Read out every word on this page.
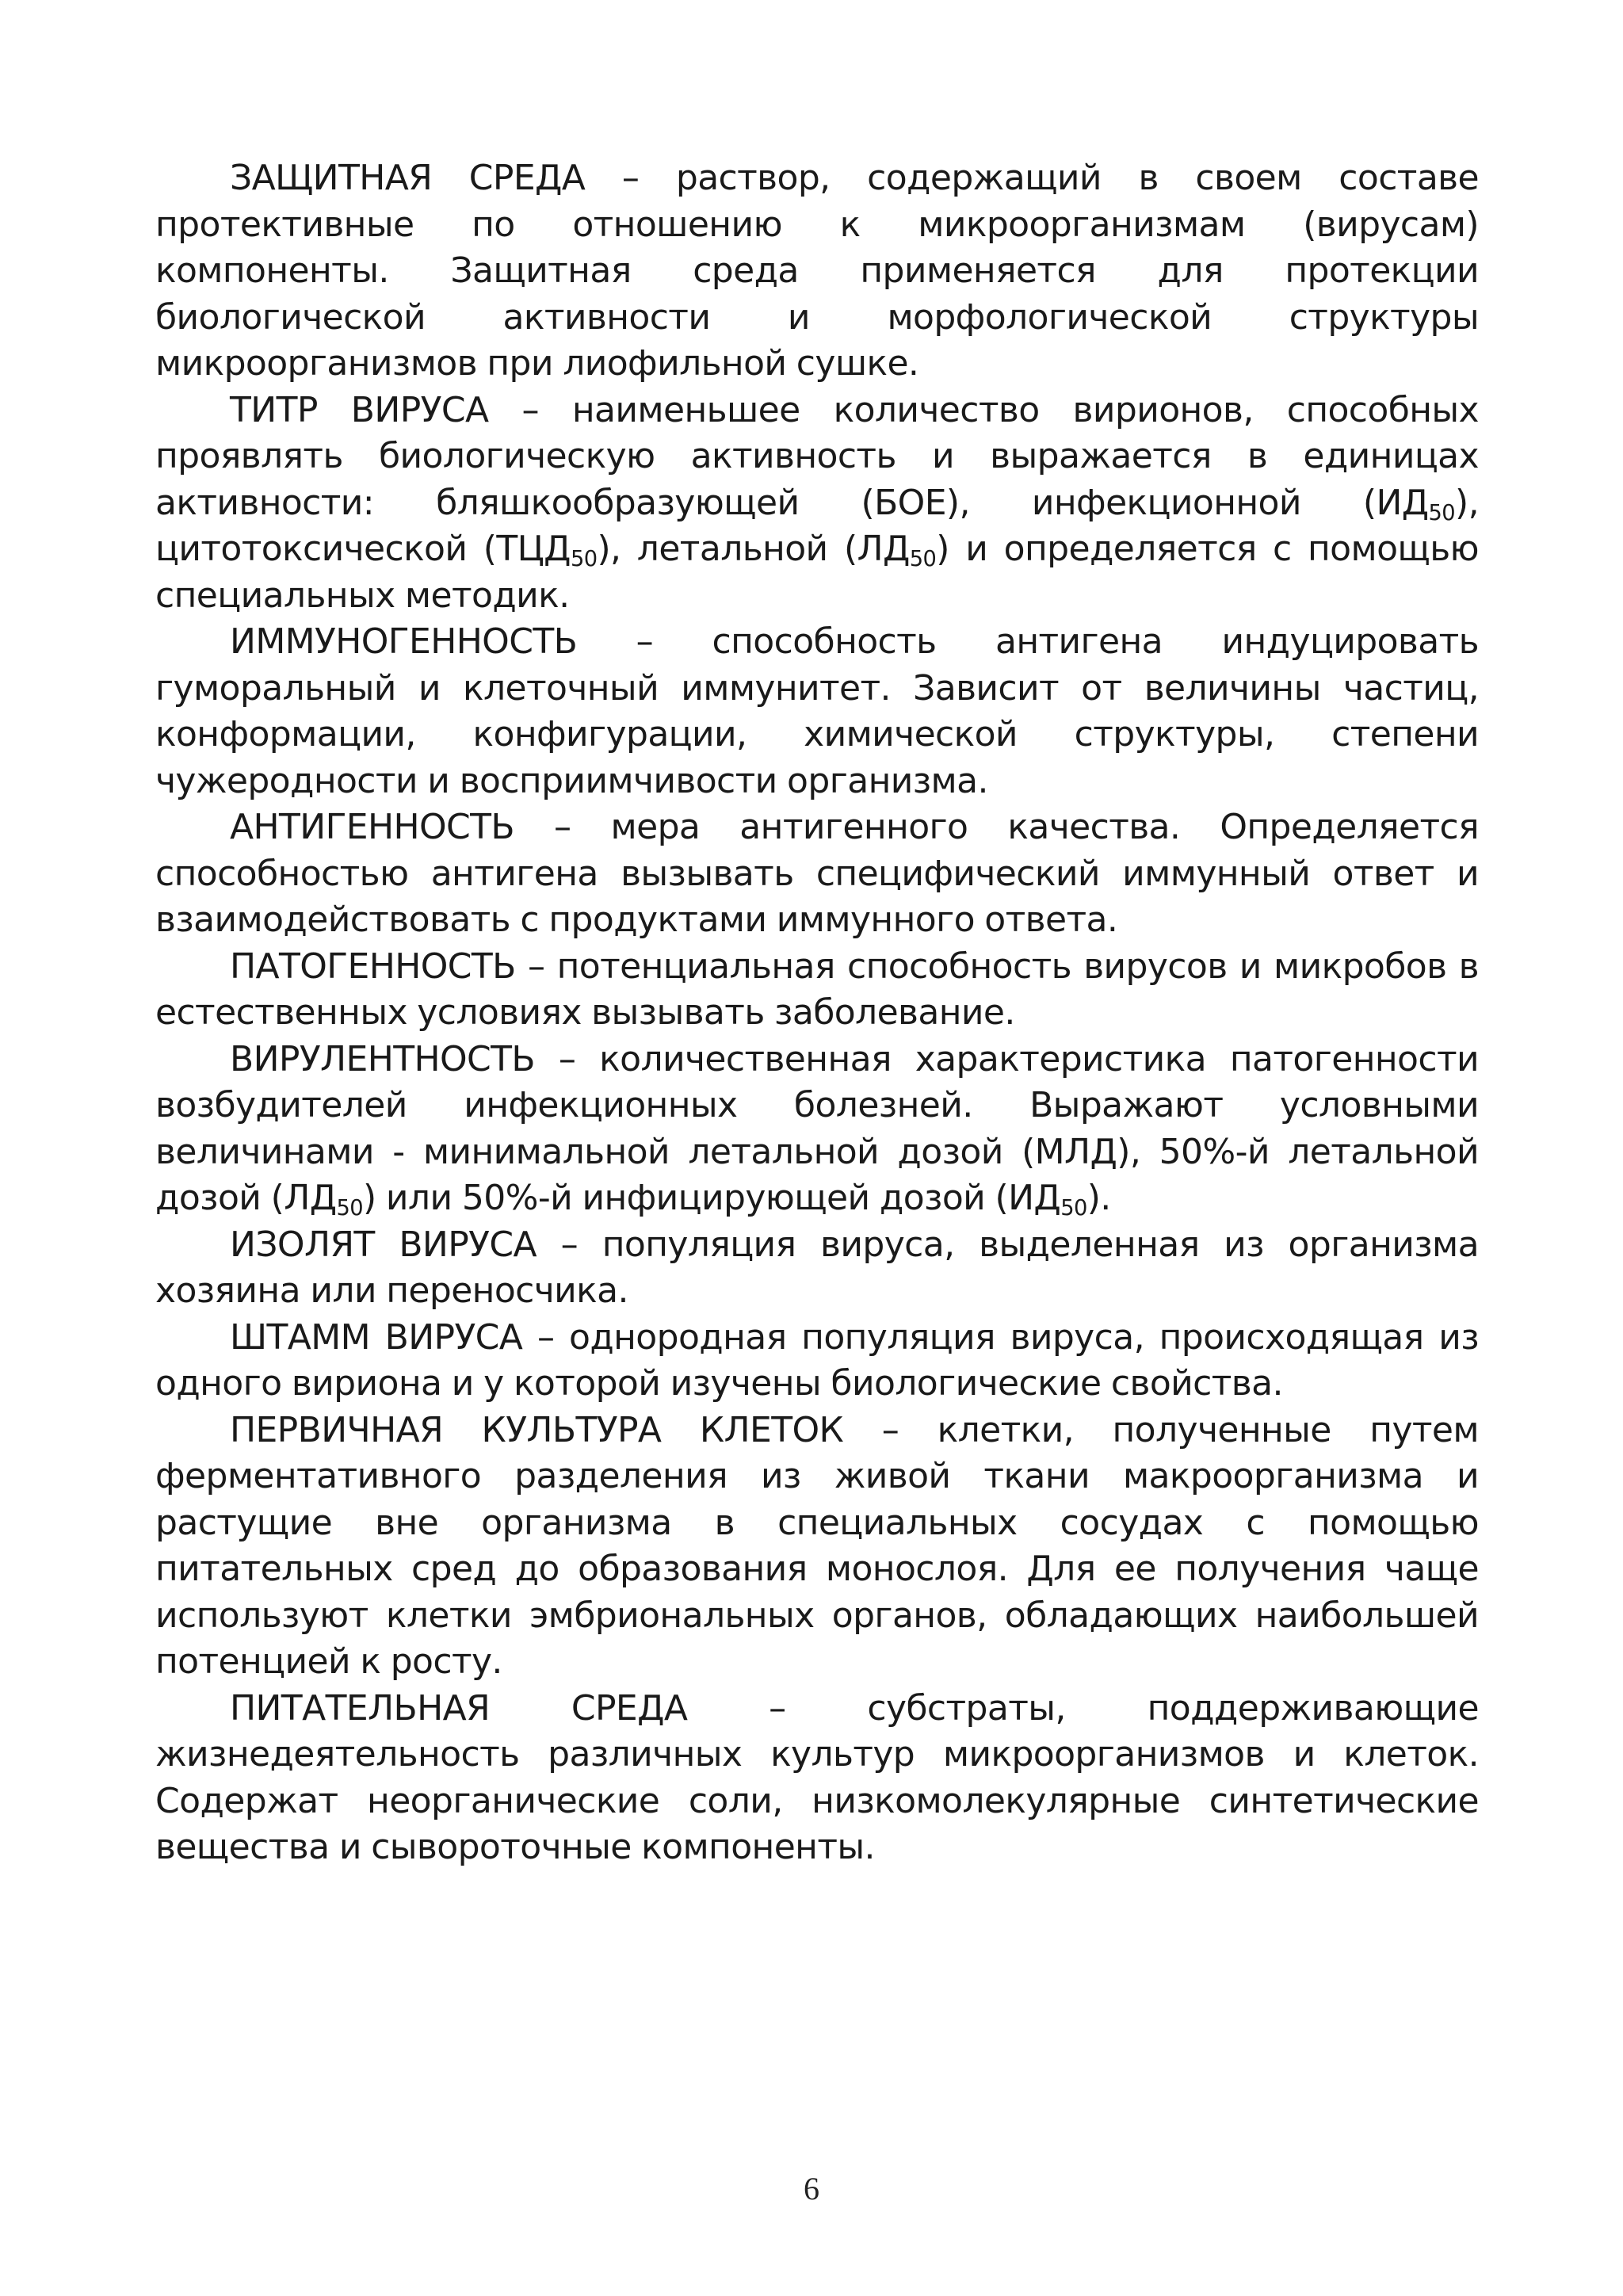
ЗАЩИТНАЯ СРЕДА – раствор, содержащий в своем составе протективные по отношению к микроорганизмам (вирусам) компоненты. Защитная среда применяется для протекции биологической активности и морфологической структуры микроорганизмов при лиофильной сушке.

ТИТР ВИРУСА – наименьшее количество вирионов, способных проявлять биологическую активность и выражается в единицах активности: бляшкообразующей (БОЕ), инфекционной $(ИД_{50})$, цитотоксической $(ТЦД_{50})$, летальной $(ЛД_{50})$ и определяется с помощью специальных методик.

ИММУНОГЕННОСТЬ – способность антигена индуцировать гуморальный и клеточный иммунитет. Зависит от величины частиц, конформации, конфигурации, химической структуры, степени чужеродности и восприимчивости организма.

АНТИГЕННОСТЬ – мера антигенного качества. Определяется способностью антигена вызывать специфический иммунный ответ и взаимодействовать с продуктами иммунного ответа.

ПАТОГЕННОСТЬ – потенциальная способность вирусов и микробов в естественных условиях вызывать заболевание.

ВИРУЛЕНТНОСТЬ – количественная характеристика патогенности возбудителей инфекционных болезней. Выражают условными величинами - минимальной летальной дозой (МЛД), 50%-й летальной дозой $(ЛД_{50})$ или 50%-й инфицирующей дозой $(ИД_{50})$.

ИЗОЛЯТ ВИРУСА – популяция вируса, выделенная из организма хозяина или переносчика.

ШТАММ ВИРУСА – однородная популяция вируса, происходящая из одного вириона и у которой изучены биологические свойства.

ПЕРВИЧНАЯ КУЛЬТУРА КЛЕТОК – клетки, полученные путем ферментативного разделения из живой ткани макроорганизма и растущие вне организма в специальных сосудах с помощью питательных сред до образования монослоя. Для ее получения чаще используют клетки эмбриональных органов, обладающих наибольшей потенцией к росту.

ПИТАТЕЛЬНАЯ СРЕДА – субстраты, поддерживающие жизнедеятельность различных культур микроорганизмов и клеток. Содержат неорганические соли, низкомолекулярные синтетические вещества и сывороточные компоненты.

6
